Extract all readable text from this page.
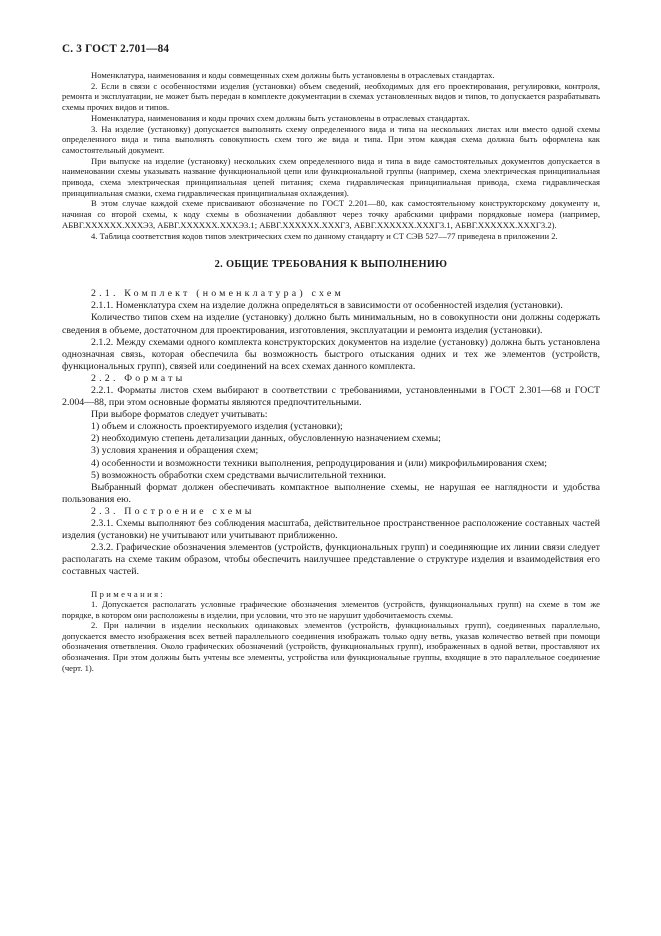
С. 3 ГОСТ 2.701—84

Номенклатура, наименования и коды совмещенных схем должны быть установлены в отраслевых стандартах.

2. Если в связи с особенностями изделия (установки) объем сведений, необходимых для его проектирования, регулировки, контроля, ремонта и эксплуатации, не может быть передан в комплекте документации в схемах установленных видов и типов, то допускается разрабатывать схемы прочих видов и типов.

Номенклатура, наименования и коды прочих схем должны быть установлены в отраслевых стандартах.

3. На изделие (установку) допускается выполнять схему определенного вида и типа на нескольких листах или вместо одной схемы определенного вида и типа выполнять совокупность схем того же вида и типа. При этом каждая схема должна быть оформлена как самостоятельный документ.

При выпуске на изделие (установку) нескольких схем определенного вида и типа в виде самостоятельных документов допускается в наименовании схемы указывать название функциональной цепи или функциональной группы (например, схема электрическая принципиальная привода, схема электрическая принципиальная цепей питания; схема гидравлическая принципиальная привода, схема гидравлическая принципиальная смазки, схема гидравлическая принципиальная охлаждения).

В этом случае каждой схеме присваивают обозначение по ГОСТ 2.201—80, как самостоятельному конструкторскому документу и, начиная со второй схемы, к коду схемы в обозначении добавляют через точку арабскими цифрами порядковые номера (например, АБВГ.XXXXXX.XXXЭ3, АБВГ.XXXXXX.XXXЭ3.1; АБВГ.XXXXXX.XXXГ3, АБВГ.XXXXXX.XXXГ3.1, АБВГ.XXXXXX.XXXГ3.2).

4. Таблица соответствия кодов типов электрических схем по данному стандарту и СТ СЭВ 527—77 приведена в приложении 2.

2. ОБЩИЕ ТРЕБОВАНИЯ К ВЫПОЛНЕНИЮ

2.1. Комплект (номенклатура) схем

2.1.1. Номенклатура схем на изделие должна определяться в зависимости от особенностей изделия (установки).

Количество типов схем на изделие (установку) должно быть минимальным, но в совокупности они должны содержать сведения в объеме, достаточном для проектирования, изготовления, эксплуатации и ремонта изделия (установки).

2.1.2. Между схемами одного комплекта конструкторских документов на изделие (установку) должна быть установлена однозначная связь, которая обеспечила бы возможность быстрого отыскания одних и тех же элементов (устройств, функциональных групп), связей или соединений на всех схемах данного комплекта.

2.2. Форматы

2.2.1. Форматы листов схем выбирают в соответствии с требованиями, установленными в ГОСТ 2.301—68 и ГОСТ 2.004—88, при этом основные форматы являются предпочтительными.

При выборе форматов следует учитывать:

1) объем и сложность проектируемого изделия (установки);

2) необходимую степень детализации данных, обусловленную назначением схемы;

3) условия хранения и обращения схем;

4) особенности и возможности техники выполнения, репродуцирования и (или) микрофильмирования схем;

5) возможность обработки схем средствами вычислительной техники.

Выбранный формат должен обеспечивать компактное выполнение схемы, не нарушая ее наглядности и удобства пользования ею.

2.3. Построение схемы

2.3.1. Схемы выполняют без соблюдения масштаба, действительное пространственное расположение составных частей изделия (установки) не учитывают или учитывают приближенно.

2.3.2. Графические обозначения элементов (устройств, функциональных групп) и соединяющие их линии связи следует располагать на схеме таким образом, чтобы обеспечить наилучшее представление о структуре изделия и взаимодействия его составных частей.

Примечания:

1. Допускается располагать условные графические обозначения элементов (устройств, функциональных групп) на схеме в том же порядке, в котором они расположены в изделии, при условии, что это не нарушит удобочитаемость схемы.

2. При наличии в изделии нескольких одинаковых элементов (устройств, функциональных групп), соединенных параллельно, допускается вместо изображения всех ветвей параллельного соединения изображать только одну ветвь, указав количество ветвей при помощи обозначения ответвления. Около графических обозначений (устройств, функциональных групп), изображенных в одной ветви, проставляют их обозначения. При этом должны быть учтены все элементы, устройства или функциональные группы, входящие в это параллельное соединение (черт. 1).
